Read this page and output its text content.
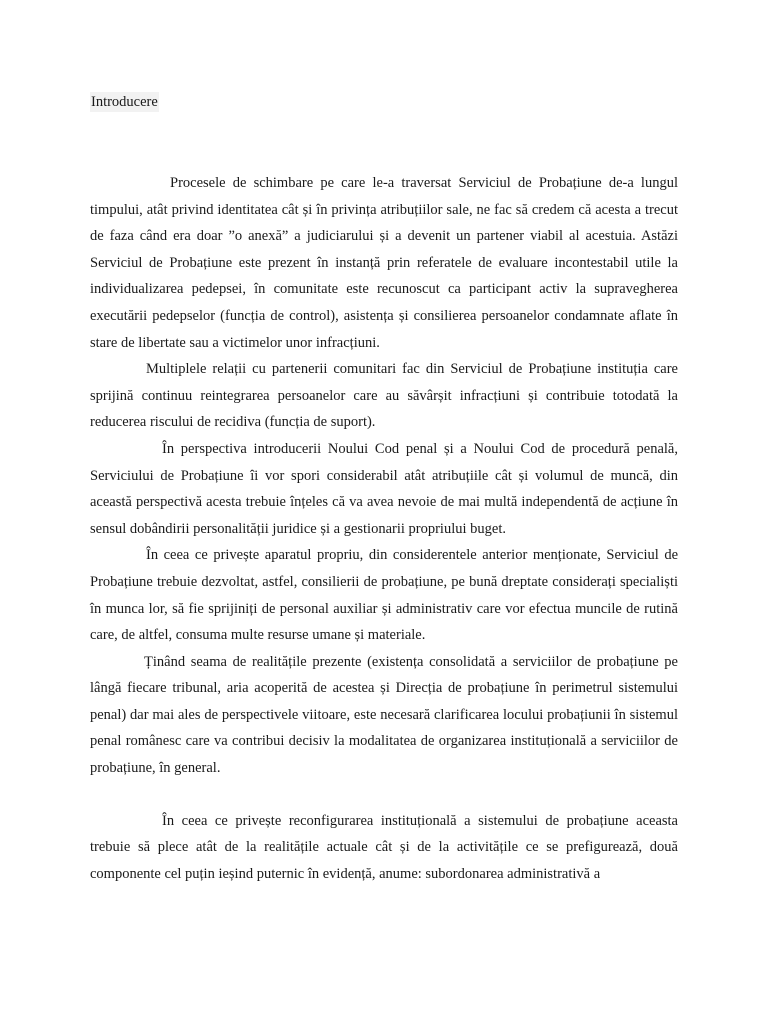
Introducere

Procesele de schimbare pe care le-a traversat Serviciul de Probațiune de-a lungul timpului, atât privind identitatea cât și în privința atribuțiilor sale, ne fac să credem că acesta a trecut de faza când era doar ”o anexă” a judiciarului și a devenit un partener viabil al acestuia. Astăzi Serviciul de Probațiune este prezent în instanță prin referatele de evaluare incontestabil utile la individualizarea pedepsei, în comunitate este recunoscut ca participant activ la supravegherea executării pedepselor (funcția de control), asistența și consilierea persoanelor condamnate aflate în stare de libertate sau a victimelor unor infracțiuni.

Multiplele relații cu partenerii comunitari fac din Serviciul de Probațiune instituția care sprijină continuu reintegrarea persoanelor care au săvârșit infracțiuni și contribuie totodată la reducerea riscului de recidiva (funcția de suport).

În perspectiva introducerii Noului Cod penal și a Noului Cod de procedură penală, Serviciului de Probațiune îi vor spori considerabil atât atribuțiile cât și volumul de muncă, din această perspectivă acesta trebuie înțeles că va avea nevoie de mai multă independentă de acțiune în sensul dobândirii personalității juridice și a gestionarii propriului buget.

În ceea ce privește aparatul propriu, din considerentele anterior menționate, Serviciul de Probațiune trebuie dezvoltat, astfel, consilierii de probațiune, pe bună dreptate considerați specialiști în munca lor, să fie sprijiniți de personal auxiliar și administrativ care vor efectua muncile de rutină care, de altfel, consuma multe resurse umane și materiale.

Ținând seama de realitățile prezente (existența consolidată a serviciilor de probațiune pe lângă fiecare tribunal, aria acoperită de acestea și Direcția de probațiune în perimetrul sistemului penal) dar mai ales de perspectivele viitoare, este necesară clarificarea locului probațiunii în sistemul penal românesc care va contribui decisiv la modalitatea de organizarea instituțională a serviciilor de probațiune, în general.

În ceea ce privește reconfigurarea instituțională a sistemului de probațiune aceasta trebuie să plece atât de la realitățile actuale cât și de la activitățile ce se prefigurează, două componente cel puțin ieșind puternic în evidență, anume: subordonarea administrativă a
